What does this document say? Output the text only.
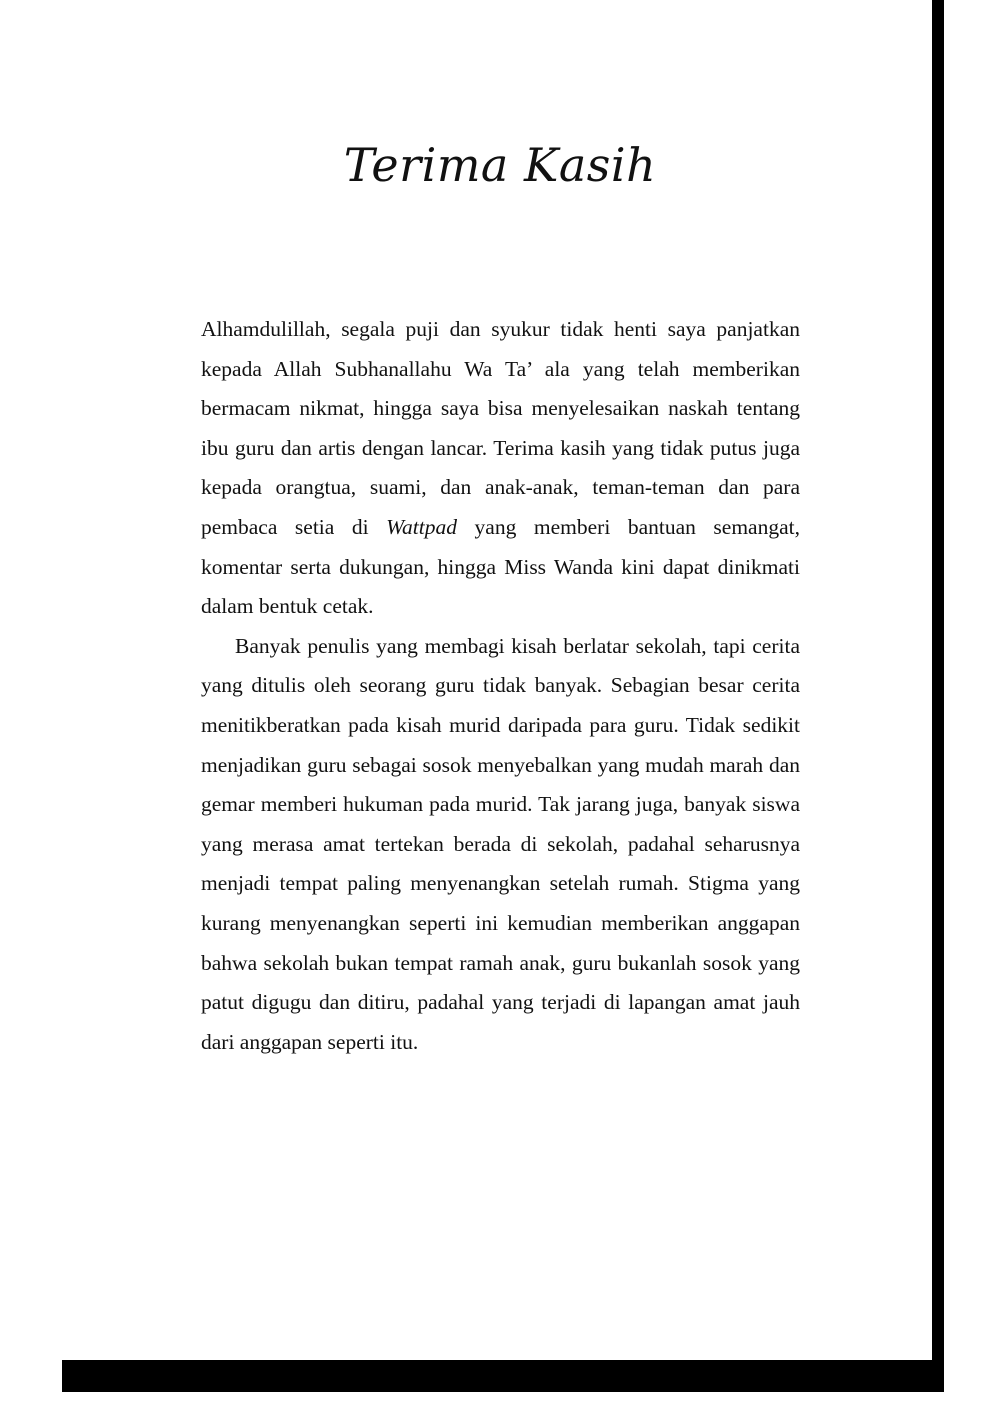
Terima Kasih

Alhamdulillah, segala puji dan syukur tidak henti saya panjatkan kepada Allah Subhanallahu Wa Ta’ ala yang telah memberikan bermacam nikmat, hingga saya bisa menyelesaikan naskah tentang ibu guru dan artis dengan lancar. Terima kasih yang tidak putus juga kepada orangtua, suami, dan anak-anak, teman-teman dan para pembaca setia di Wattpad yang memberi bantuan semangat, komentar serta dukungan, hingga Miss Wanda kini dapat dinikmati dalam bentuk cetak.

Banyak penulis yang membagi kisah berlatar sekolah, tapi cerita yang ditulis oleh seorang guru tidak banyak. Sebagian besar cerita menitikberatkan pada kisah murid daripada para guru. Tidak sedikit menjadikan guru sebagai sosok menyebalkan yang mudah marah dan gemar memberi hukuman pada murid. Tak jarang juga, banyak siswa yang merasa amat tertekan berada di sekolah, padahal seharusnya menjadi tempat paling menyenangkan setelah rumah. Stigma yang kurang menyenangkan seperti ini kemudian memberikan anggapan bahwa sekolah bukan tempat ramah anak, guru bukanlah sosok yang patut digugu dan ditiru, padahal yang terjadi di lapangan amat jauh dari anggapan seperti itu.
